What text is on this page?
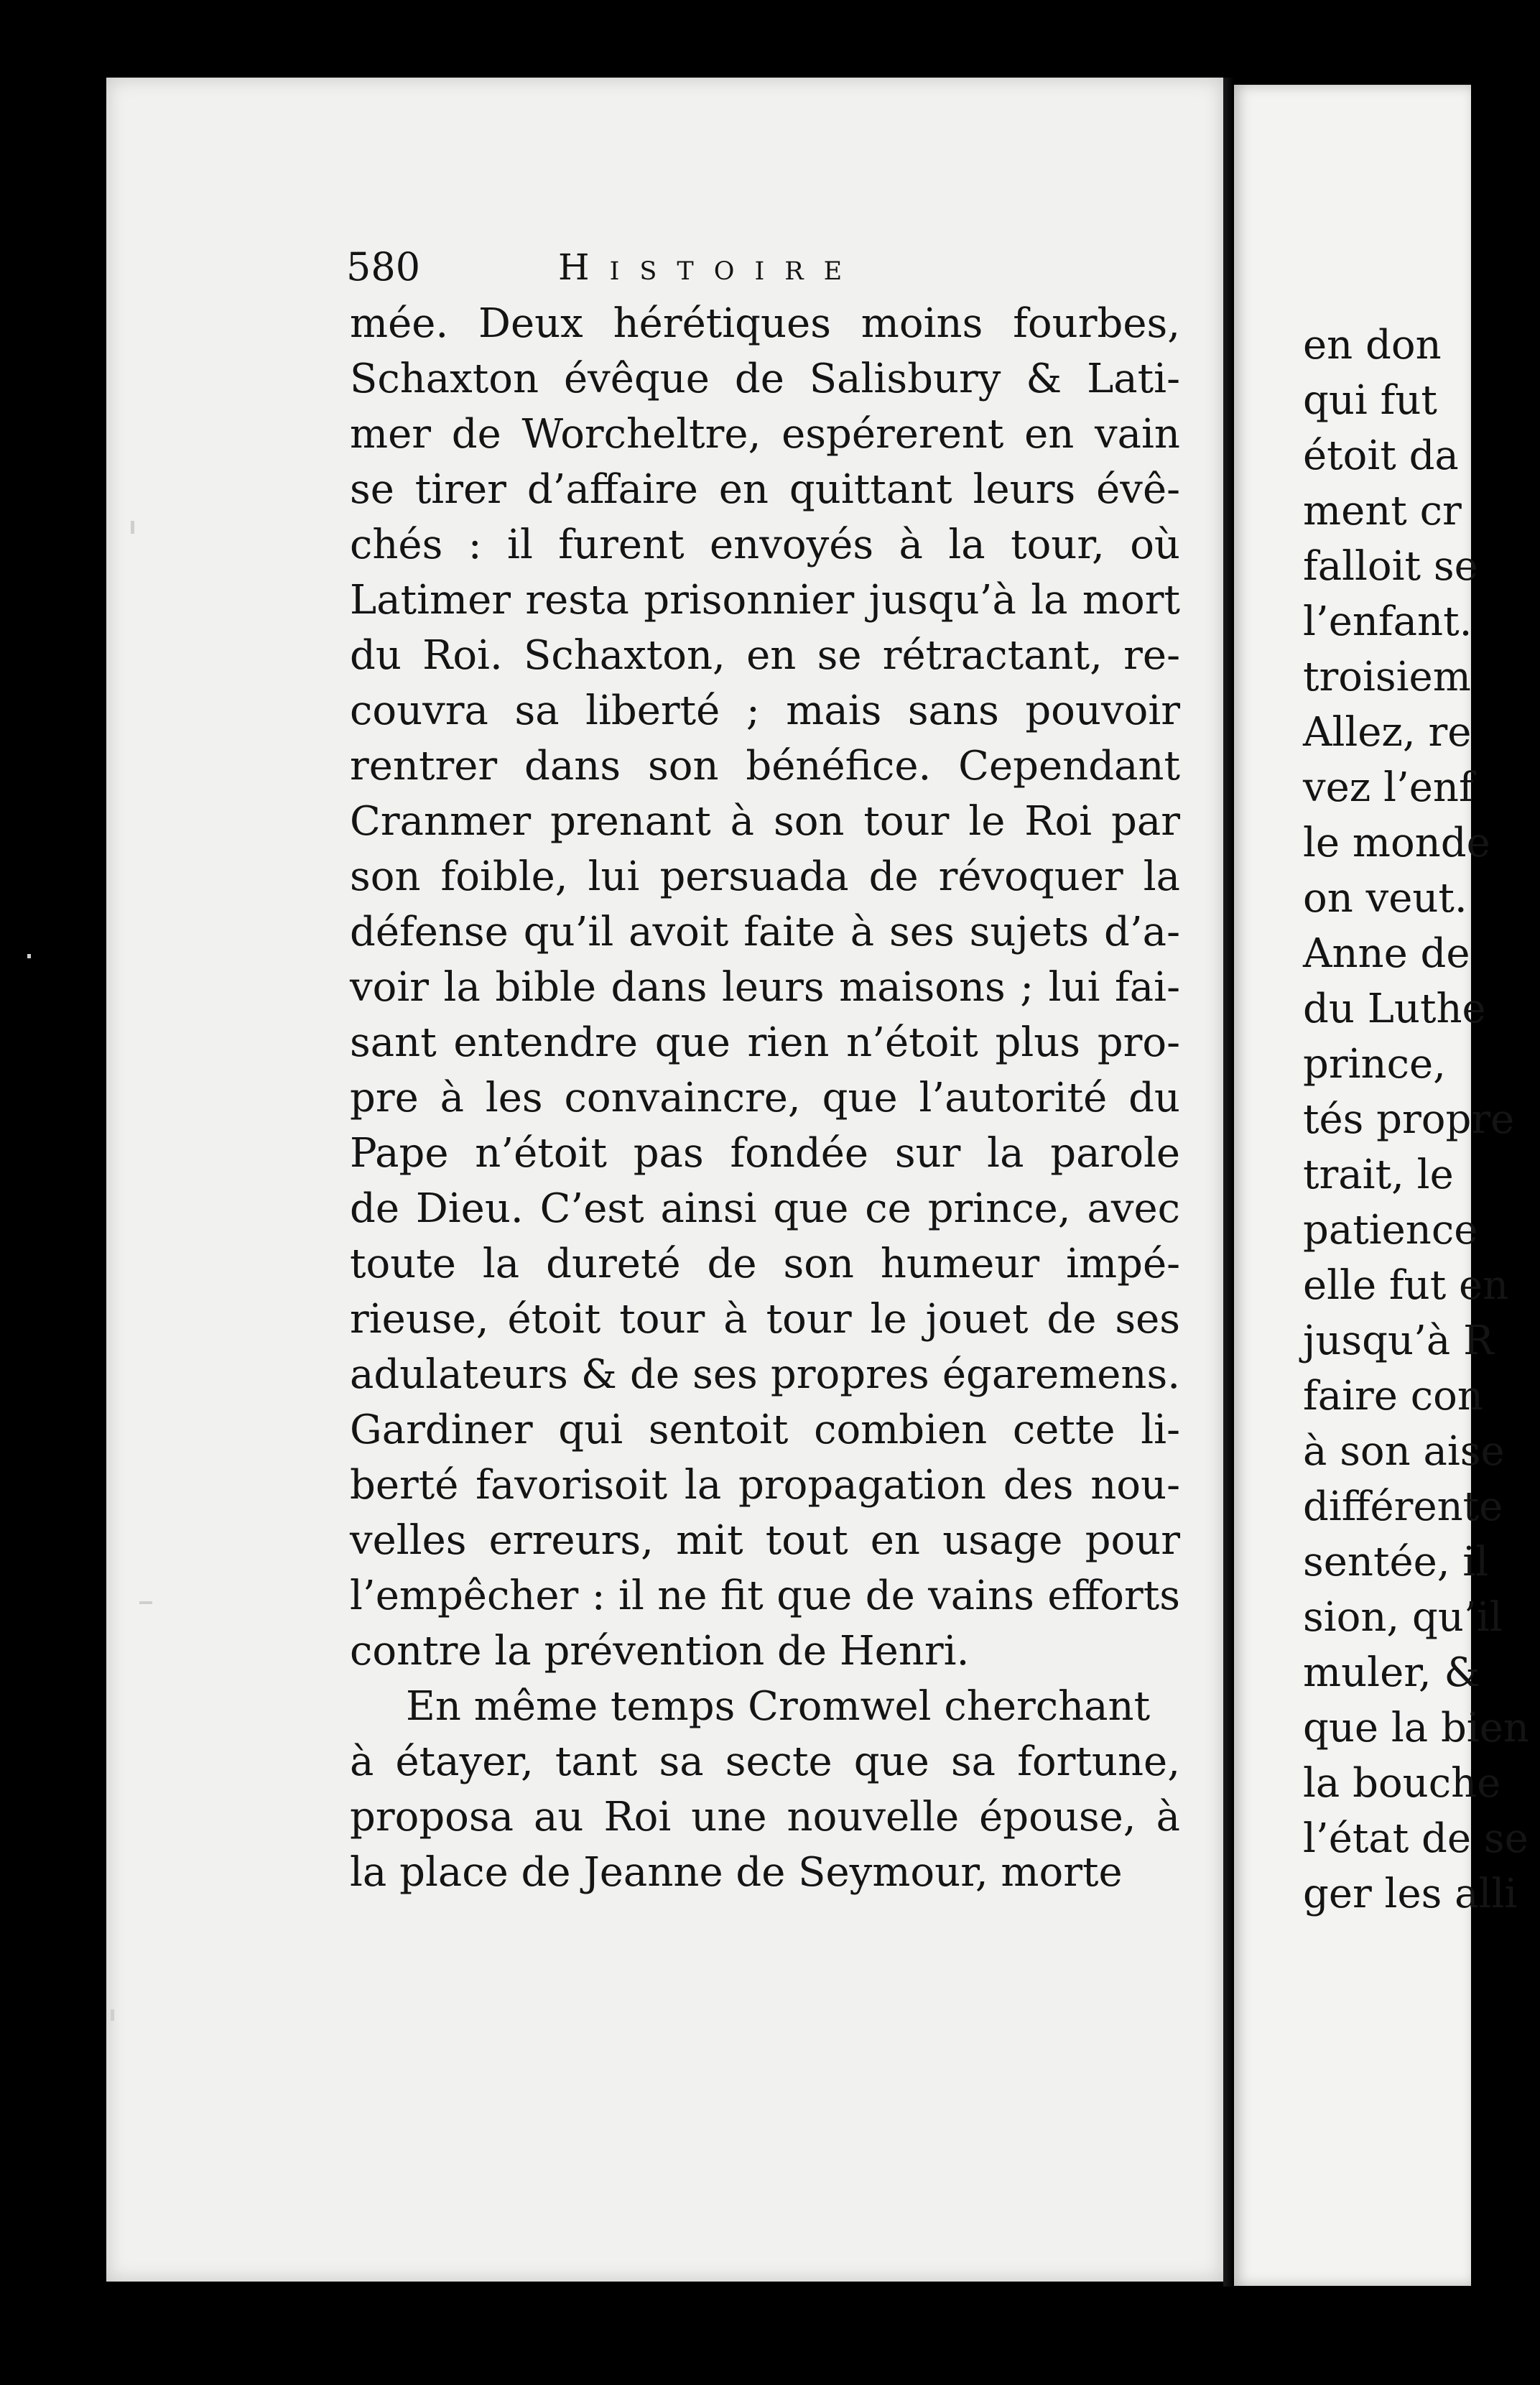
580	Histoire
mée. Deux hérétiques moins fourbes,
Schaxton évêque de Salisbury & Lati-
mer de Worcheltre, espérerent en vain
se tirer d’affaire en quittant leurs évê-
chés : il furent envoyés à la tour, où
Latimer resta prisonnier jusqu’à la mort
du Roi. Schaxton, en se rétractant, re-
couvra sa liberté ; mais sans pouvoir
rentrer dans son bénéfice. Cependant
Cranmer prenant à son tour le Roi par
son foible, lui persuada de révoquer la
défense qu’il avoit faite à ses sujets d’a-
voir la bible dans leurs maisons ; lui fai-
sant entendre que rien n’étoit plus pro-
pre à les convaincre, que l’autorité du
Pape n’étoit pas fondée sur la parole
de Dieu. C’est ainsi que ce prince, avec
toute la dureté de son humeur impé-
rieuse, étoit tour à tour le jouet de ses
adulateurs & de ses propres égaremens.
Gardiner qui sentoit combien cette li-
berté favorisoit la propagation des nou-
velles erreurs, mit tout en usage pour
l’empêcher : il ne fit que de vains efforts
contre la prévention de Henri.
En même temps Cromwel cherchant
à étayer, tant sa secte que sa fortune,
proposa au Roi une nouvelle épouse, à
la place de Jeanne de Seymour, morte
en don
qui fut
étoit da
ment cr
falloit se
l’enfant.
troisiem
Allez, re
vez l’enf
le monde
on veut.
Anne de
du Luthe
prince,
tés propre
trait, le
patience
elle fut en
jusqu’à R
faire con
à son aise
différente
sentée, il
sion, qu’il
muler, &
que la bien
la bouche
l’état de se
ger les alli
